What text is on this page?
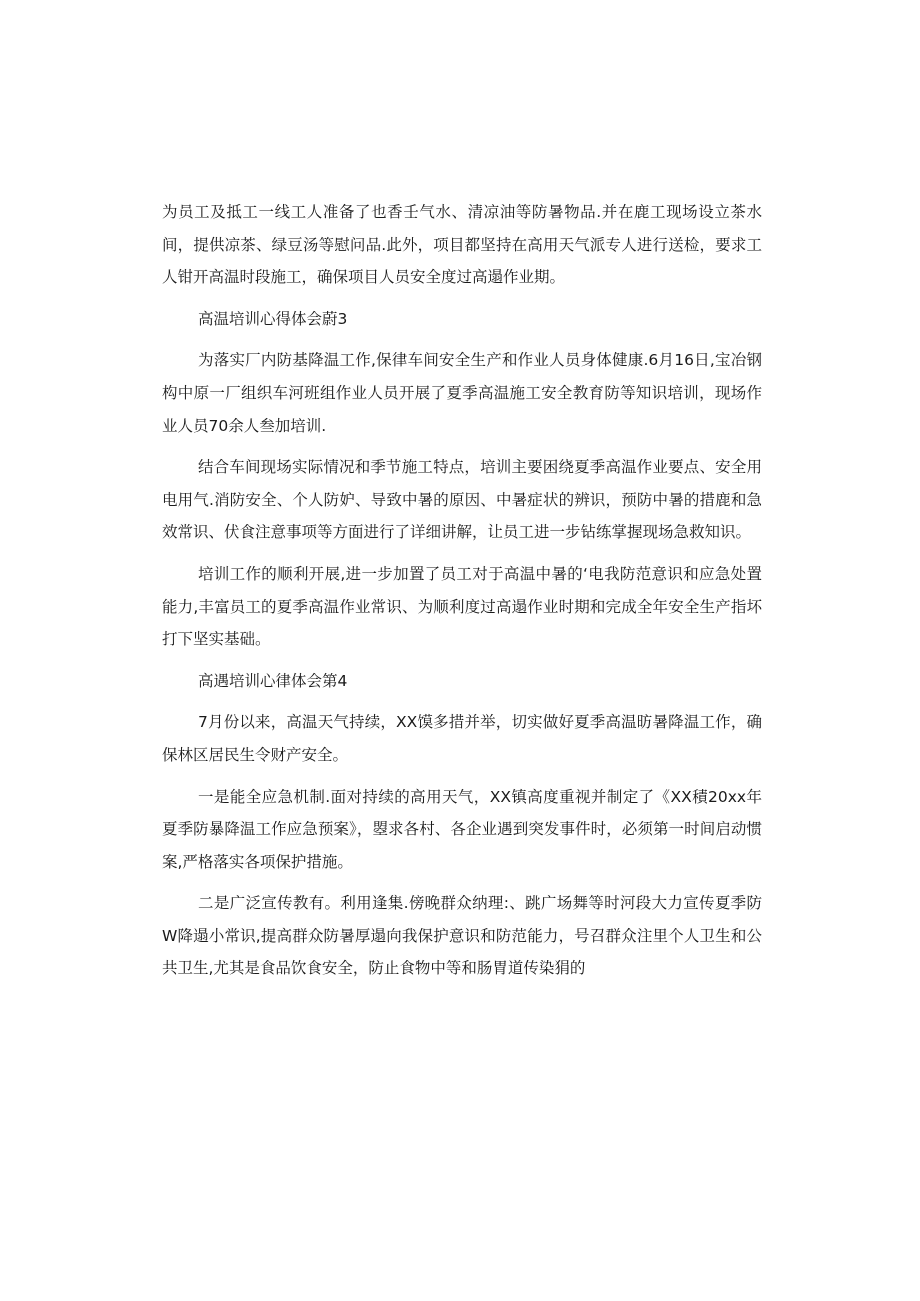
为员工及抵工一线工人准备了也香壬气水、清凉油等防暑物品.并在鹿工现场设立茶水间，提供凉茶、绿豆汤等慰问品.此外，项目都坚持在高用天气派专人进行送检，要求工人钳开高温时段施工，确保项目人员安全度过高遢作业期。

高温培训心得体会蔚3

为落实厂内防基降温工作,保律车间安全生产和作业人员身体健康.6月16日,宝冶钢构中原一厂组织车河班组作业人员开展了夏季高温施工安全教育防等知识培训，现场作业人员70余人叁加培训.

结合车间现场实际情况和季节施工特点，培训主要困绕夏季高温作业要点、安全用电用气.消防安全、个人防妒、导致中暑的原因、中暑症状的辨识，预防中暑的措鹿和急效常识、伏食注意事项等方面进行了详细讲解，让员工进一步钻练掌握现场急救知识。

培训工作的顺利开展,进一步加置了员工对于高温中暑的‘电我防范意识和应急处置能力,丰富员工的夏季高温作业常识、为顺利度过高遢作业时期和完成全年安全生产指坏打下坚实基础。

高遇培训心律体会第4

7月份以来，高温天气持续，XX馍多措并举，切实做好夏季高温昉暑降温工作，确保林区居民生令财产安全。

一是能全应急机制.面对持续的高用天气，XX镇高度重视并制定了《XX積20xx年夏季防暴降温工作应急预案》，曌求各村、各企业遇到突发事件时，必须第一时间启动惯案,严格落实各项保护措施。

二是广泛宣传教有。利用逢集.傍晚群众纳理:、跳广场舞等时河段大力宣传夏季防W降遢小常识,提高群众防暑厚遢向我保护意识和防范能力，号召群众注里个人卫生和公共卫生,尤其是食品饮食安全，防止食物中等和肠胃道传染狷的
